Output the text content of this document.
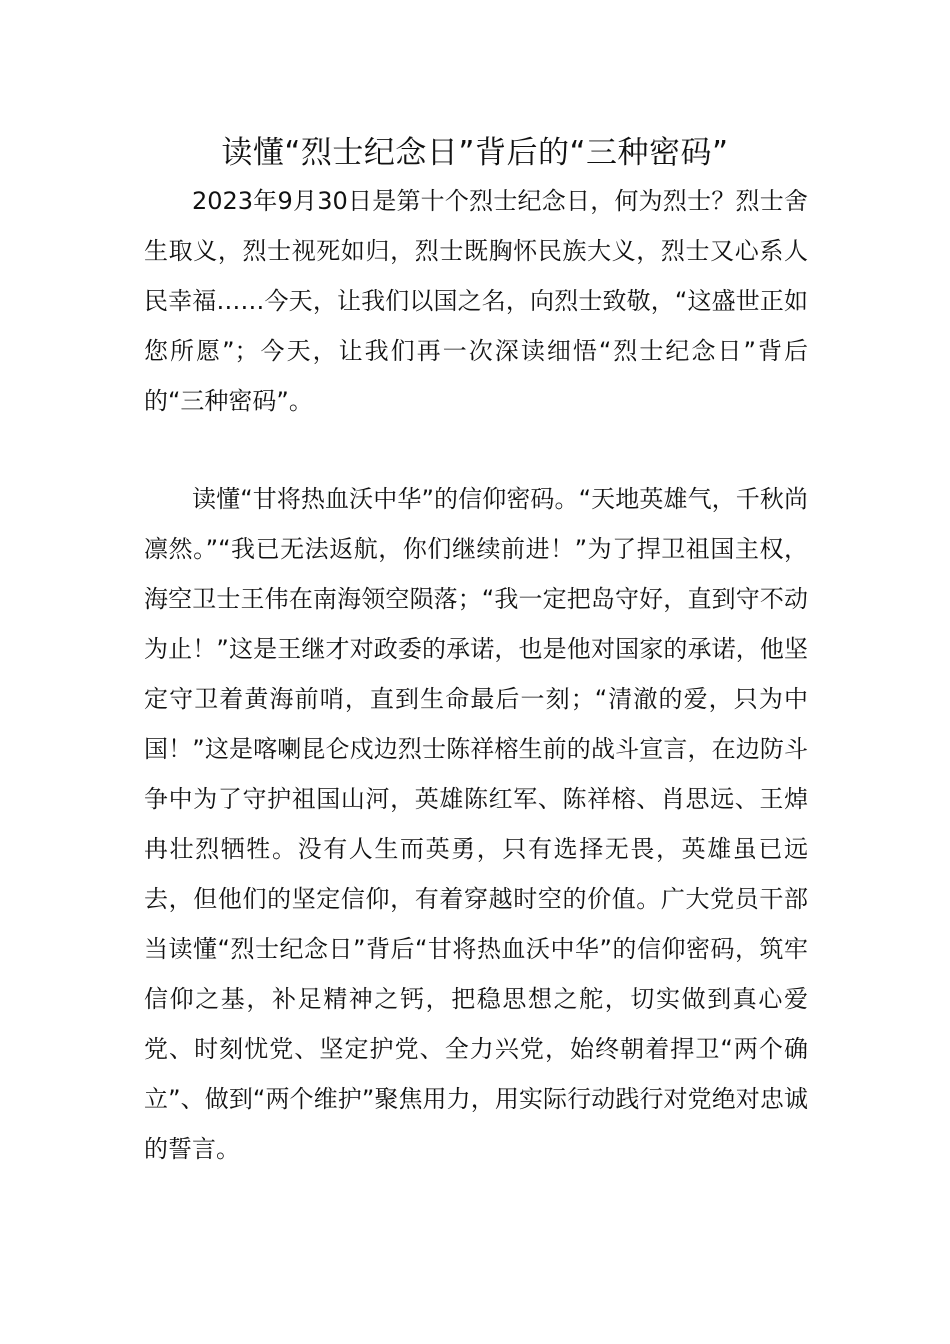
读懂“烈士纪念日”背后的“三种密码”

2023年9月30日是第十个烈士纪念日，何为烈士？烈士舍生取义，烈士视死如归，烈士既胸怀民族大义，烈士又心系人民幸福……今天，让我们以国之名，向烈士致敬，“这盛世正如您所愿”；今天，让我们再一次深读细悟“烈士纪念日”背后的“三种密码”。

读懂“甘将热血沃中华”的信仰密码。“天地英雄气，千秋尚凛然。”“我已无法返航，你们继续前进！”为了捍卫祖国主权，海空卫士王伟在南海领空陨落；“我一定把岛守好，直到守不动为止！”这是王继才对政委的承诺，也是他对国家的承诺，他坚定守卫着黄海前哨，直到生命最后一刻；“清澈的爱，只为中国！”这是喀喇昆仑戍边烈士陈祥榕生前的战斗宣言，在边防斗争中为了守护祖国山河，英雄陈红军、陈祥榕、肖思远、王焯冉壮烈牺牲。没有人生而英勇，只有选择无畏，英雄虽已远去，但他们的坚定信仰，有着穿越时空的价值。广大党员干部当读懂“烈士纪念日”背后“甘将热血沃中华”的信仰密码，筑牢信仰之基，补足精神之钙，把稳思想之舵，切实做到真心爱党、时刻忧党、坚定护党、全力兴党，始终朝着捍卫“两个确立”、做到“两个维护”聚焦用力，用实际行动践行对党绝对忠诚的誓言。
